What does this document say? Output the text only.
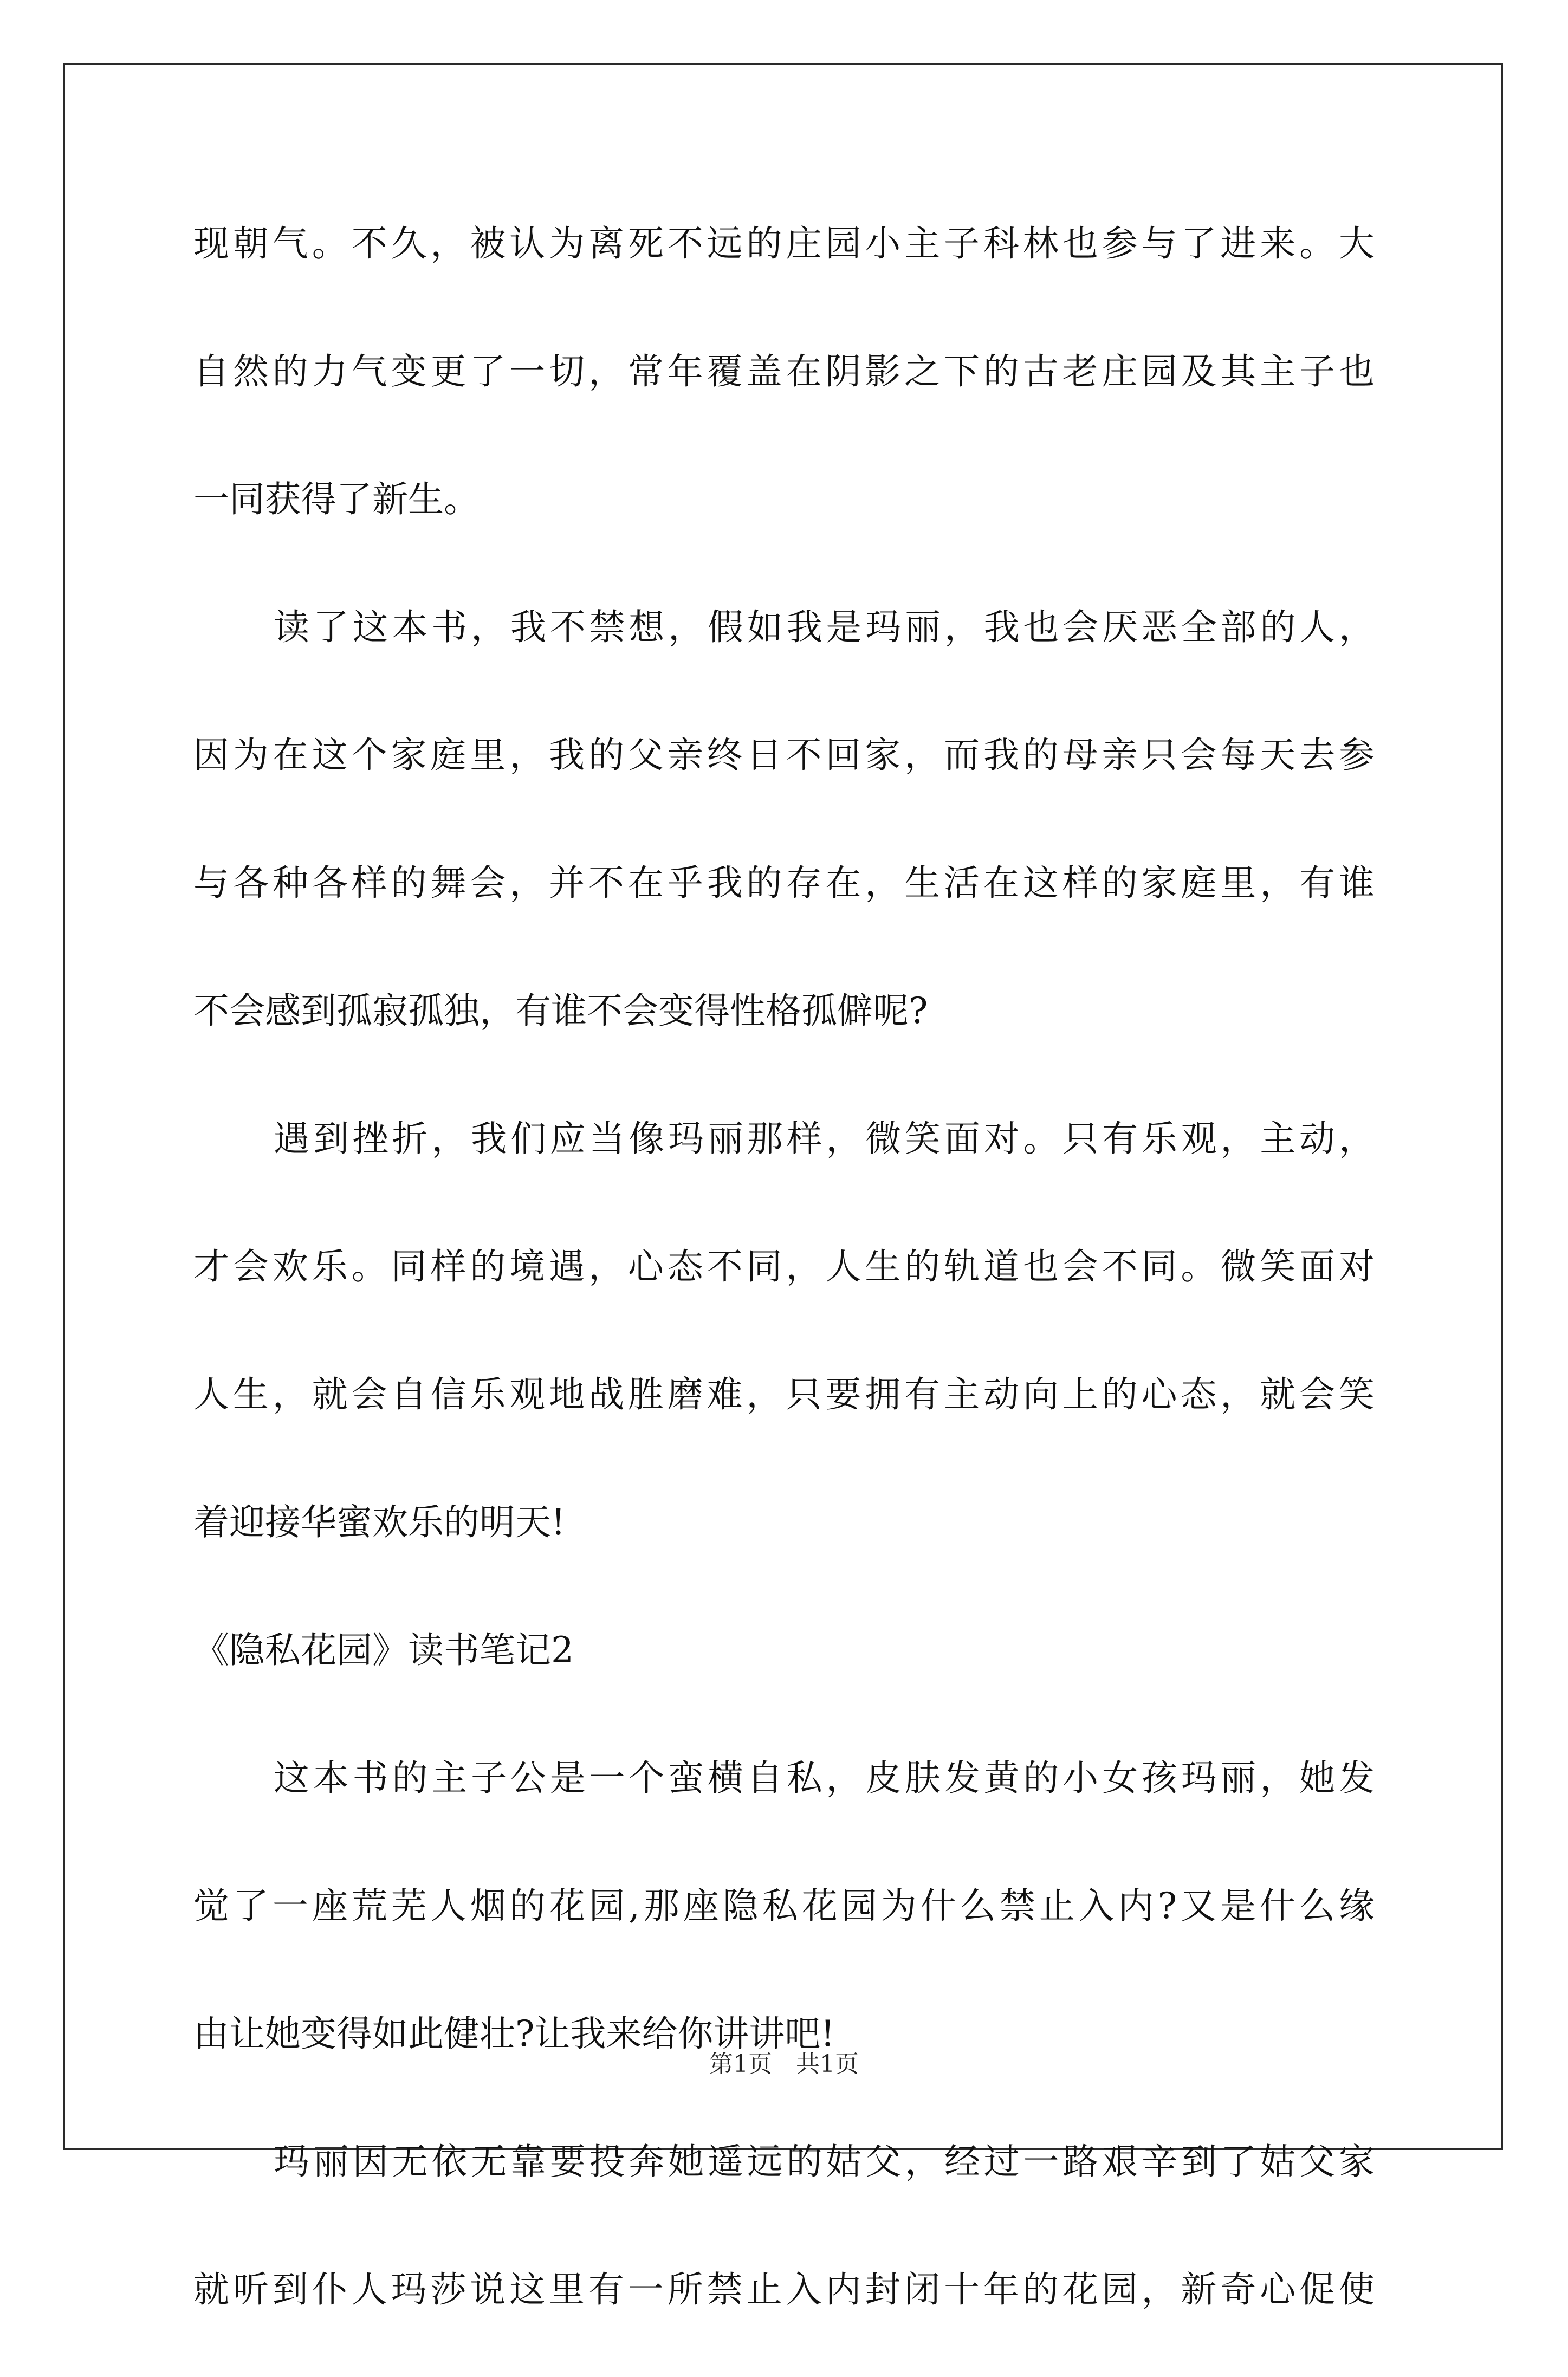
现朝气。不久，被认为离死不远的庄园小主子科林也参与了进来。大
自然的力气变更了一切，常年覆盖在阴影之下的古老庄园及其主子也
一同获得了新生。
读了这本书，我不禁想，假如我是玛丽，我也会厌恶全部的人，
因为在这个家庭里，我的父亲终日不回家，而我的母亲只会每天去参
与各种各样的舞会，并不在乎我的存在，生活在这样的家庭里，有谁
不会感到孤寂孤独，有谁不会变得性格孤僻呢?
遇到挫折，我们应当像玛丽那样，微笑面对。只有乐观，主动，
才会欢乐。同样的境遇，心态不同，人生的轨道也会不同。微笑面对
人生，就会自信乐观地战胜磨难，只要拥有主动向上的心态，就会笑
着迎接华蜜欢乐的明天!
《隐私花园》读书笔记2
这本书的主子公是一个蛮横自私，皮肤发黄的小女孩玛丽，她发
觉了一座荒芜人烟的花园,那座隐私花园为什么禁止入内?又是什么缘
由让她变得如此健壮?让我来给你讲讲吧!
玛丽因无依无靠要投奔她遥远的姑父，经过一路艰辛到了姑父家
就听到仆人玛莎说这里有一所禁止入内封闭十年的花园，新奇心促使
第1页　共1页
